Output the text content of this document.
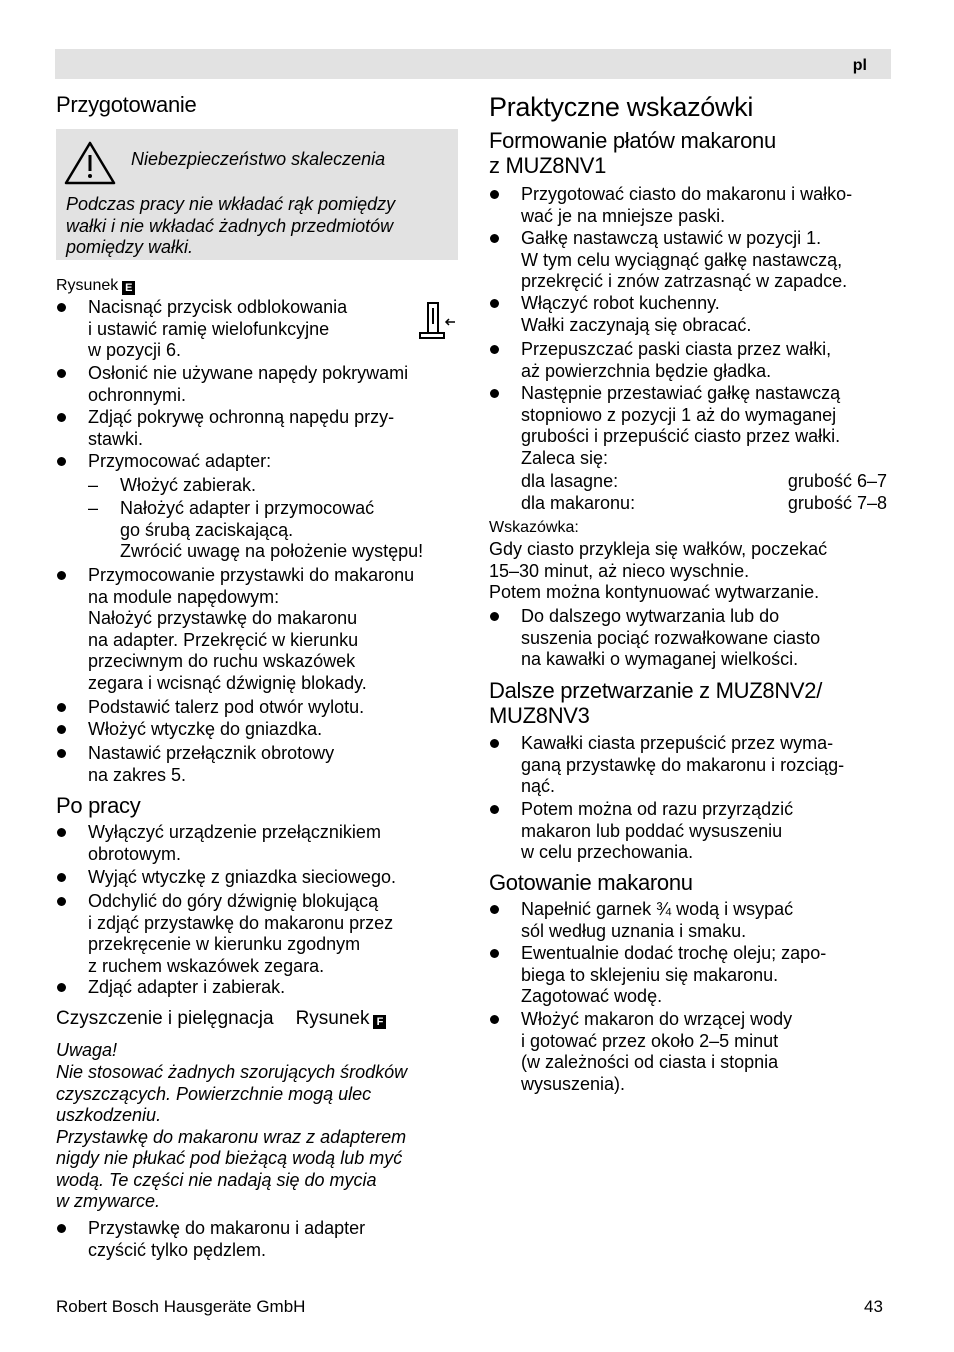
pl
Przygotowanie
Niebezpieczeństwo skaleczenia
Podczas pracy nie wkładać rąk pomiędzy
wałki i nie wkładać żadnych przedmiotów
pomiędzy wałki.
Rysunek E
Nacisnąć przycisk odblokowania
i ustawić ramię wielofunkcyjne
w pozycji 6.
Osłonić nie używane napędy pokrywami
ochronnymi.
Zdjąć pokrywę ochronną napędu przy-
stawki.
Przymocować adapter:
– Włożyć zabierak.
– Nałożyć adapter i przymocować
go śrubą zaciskającą.
Zwrócić uwagę na położenie występu!
Przymocowanie przystawki do makaronu
na module napędowym:
Nałożyć przystawkę do makaronu
na adapter. Przekręcić w kierunku
przeciwnym do ruchu wskazówek
zegara i wcisnąć dźwignię blokady.
Podstawić talerz pod otwór wylotu.
Włożyć wtyczkę do gniazdka.
Nastawić przełącznik obrotowy
na zakres 5.
Po pracy
Wyłączyć urządzenie przełącznikiem
obrotowym.
Wyjąć wtyczkę z gniazdka sieciowego.
Odchylić do góry dźwignię blokującą
i zdjąć przystawkę do makaronu przez
przekręcenie w kierunku zgodnym
z ruchem wskazówek zegara.
Zdjąć adapter i zabierak.
Czyszczenie i pielęgnacja Rysunek F
Uwaga!
Nie stosować żadnych szorujących środków
czyszczących. Powierzchnie mogą ulec
uszkodzeniu.
Przystawkę do makaronu wraz z adapterem
nigdy nie płukać pod bieżącą wodą lub myć
wodą. Te części nie nadają się do mycia
w zmywarce.
Przystawkę do makaronu i adapter
czyścić tylko pędzlem.
Praktyczne wskazówki
Formowanie płatów makaronu
z MUZ8NV1
Przygotować ciasto do makaronu i wałko-
wać je na mniejsze paski.
Gałkę nastawczą ustawić w pozycji 1.
W tym celu wyciągnąć gałkę nastawczą,
przekręcić i znów zatrzasnąć w zapadce.
Włączyć robot kuchenny.
Wałki zaczynają się obracać.
Przepuszczać paski ciasta przez wałki,
aż powierzchnia będzie gładka.
Następnie przestawiać gałkę nastawczą
stopniowo z pozycji 1 aż do wymaganej
grubości i przepuścić ciasto przez wałki.
Zaleca się:
dla lasagne:	grubość 6–7
dla makaronu:	grubość 7–8
Wskazówka:
Gdy ciasto przykleja się wałków, poczekać
15–30 minut, aż nieco wyschnie.
Potem można kontynuować wytwarzanie.
Do dalszego wytwarzania lub do
suszenia pociąć rozwałkowane ciasto
na kawałki o wymaganej wielkości.
Dalsze przetwarzanie z MUZ8NV2/
MUZ8NV3
Kawałki ciasta przepuścić przez wyma-
ganą przystawkę do makaronu i rozciąg-
nąć.
Potem można od razu przyrządzić
makaron lub poddać wysuszeniu
w celu przechowania.
Gotowanie makaronu
Napełnić garnek ¾ wodą i wsypać
sól według uznania i smaku.
Ewentualnie dodać trochę oleju; zapo-
biega to sklejeniu się makaronu.
Zagotować wodę.
Włożyć makaron do wrzącej wody
i gotować przez około 2–5 minut
(w zależności od ciasta i stopnia
wysuszenia).
Robert Bosch Hausgeräte GmbH	43
